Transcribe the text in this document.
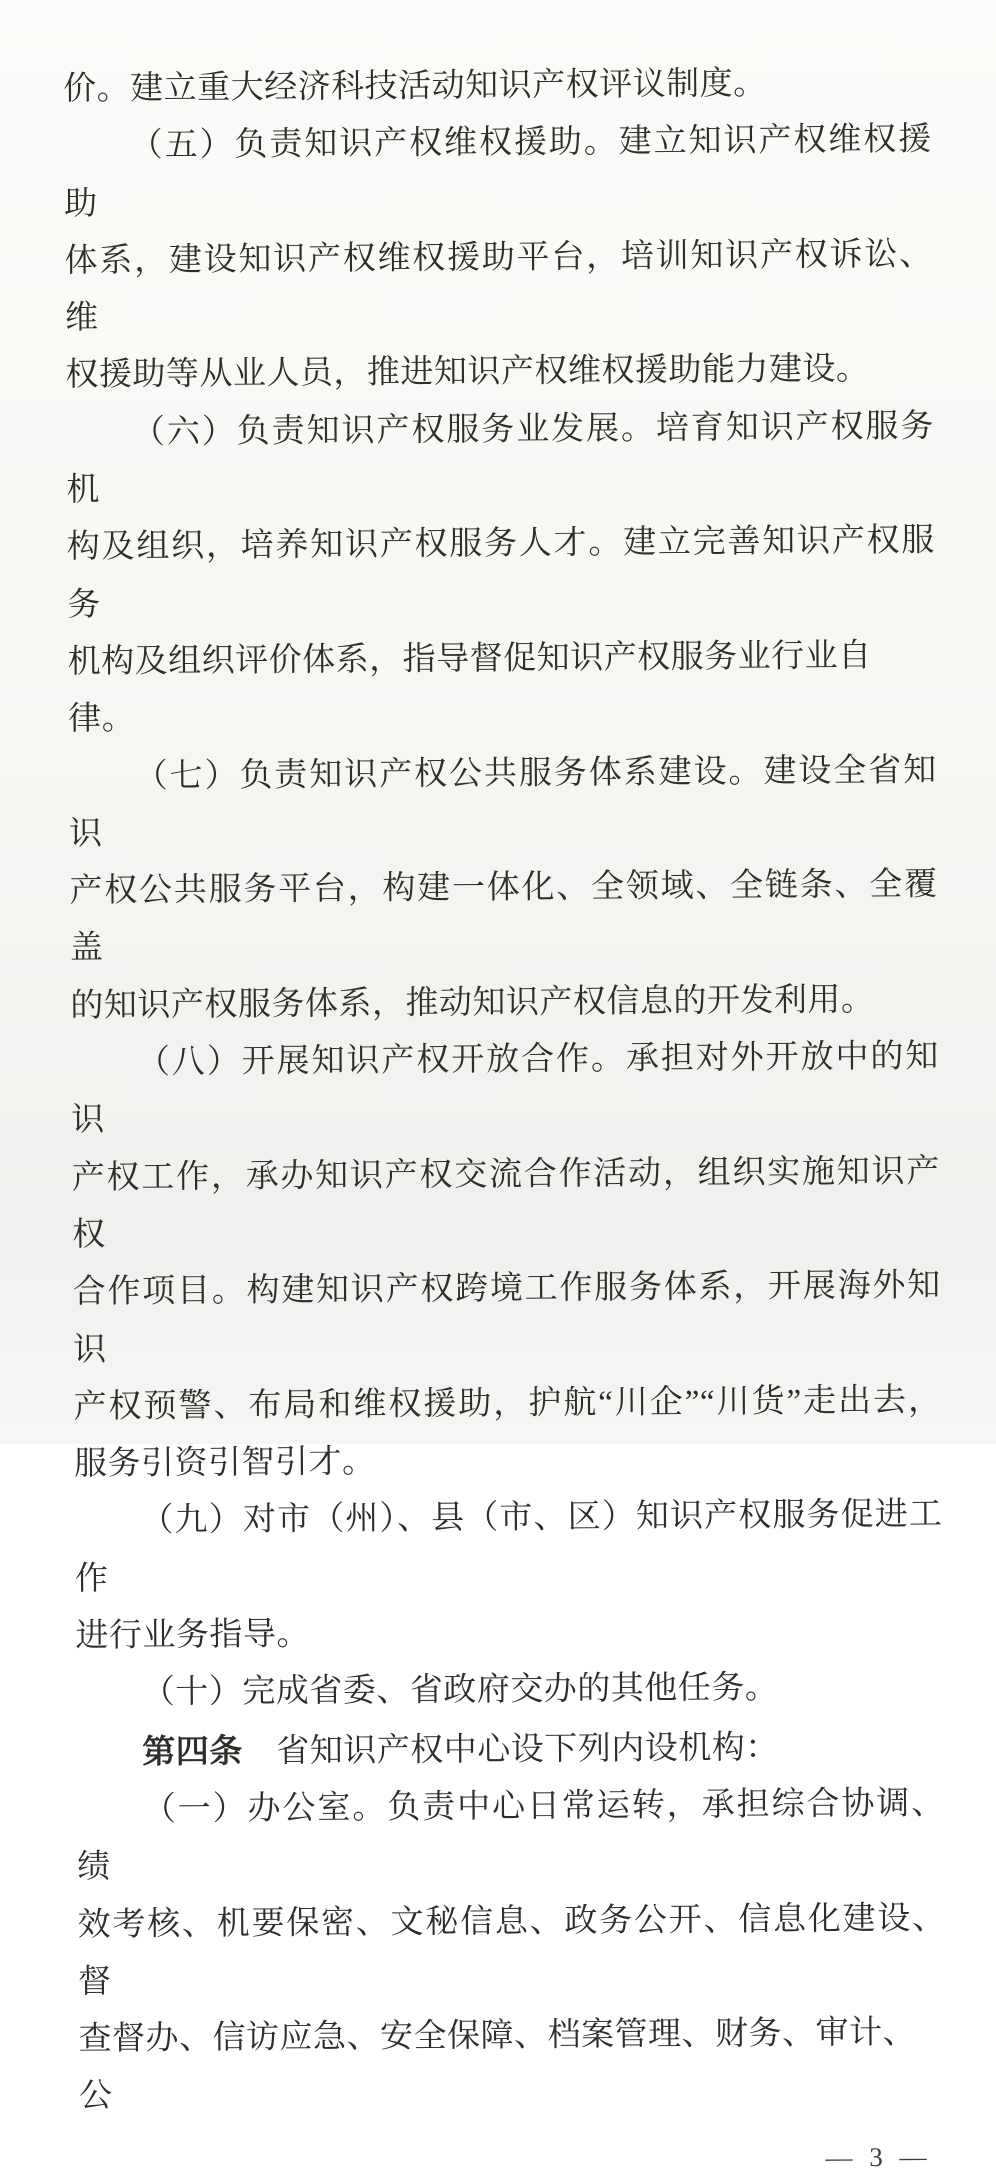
价。建立重大经济科技活动知识产权评议制度。
（五）负责知识产权维权援助。建立知识产权维权援助
体系，建设知识产权维权援助平台，培训知识产权诉讼、维
权援助等从业人员，推进知识产权维权援助能力建设。
（六）负责知识产权服务业发展。培育知识产权服务机
构及组织，培养知识产权服务人才。建立完善知识产权服务
机构及组织评价体系，指导督促知识产权服务业行业自律。
（七）负责知识产权公共服务体系建设。建设全省知识
产权公共服务平台，构建一体化、全领域、全链条、全覆盖
的知识产权服务体系，推动知识产权信息的开发利用。
（八）开展知识产权开放合作。承担对外开放中的知识
产权工作，承办知识产权交流合作活动，组织实施知识产权
合作项目。构建知识产权跨境工作服务体系，开展海外知识
产权预警、布局和维权援助，护航“川企”“川货”走出去，
服务引资引智引才。
（九）对市（州）、县（市、区）知识产权服务促进工作
进行业务指导。
（十）完成省委、省政府交办的其他任务。
第四条　省知识产权中心设下列内设机构：
（一）办公室。负责中心日常运转，承担综合协调、绩
效考核、机要保密、文秘信息、政务公开、信息化建设、督
查督办、信访应急、安全保障、档案管理、财务、审计、公
— 3 —
